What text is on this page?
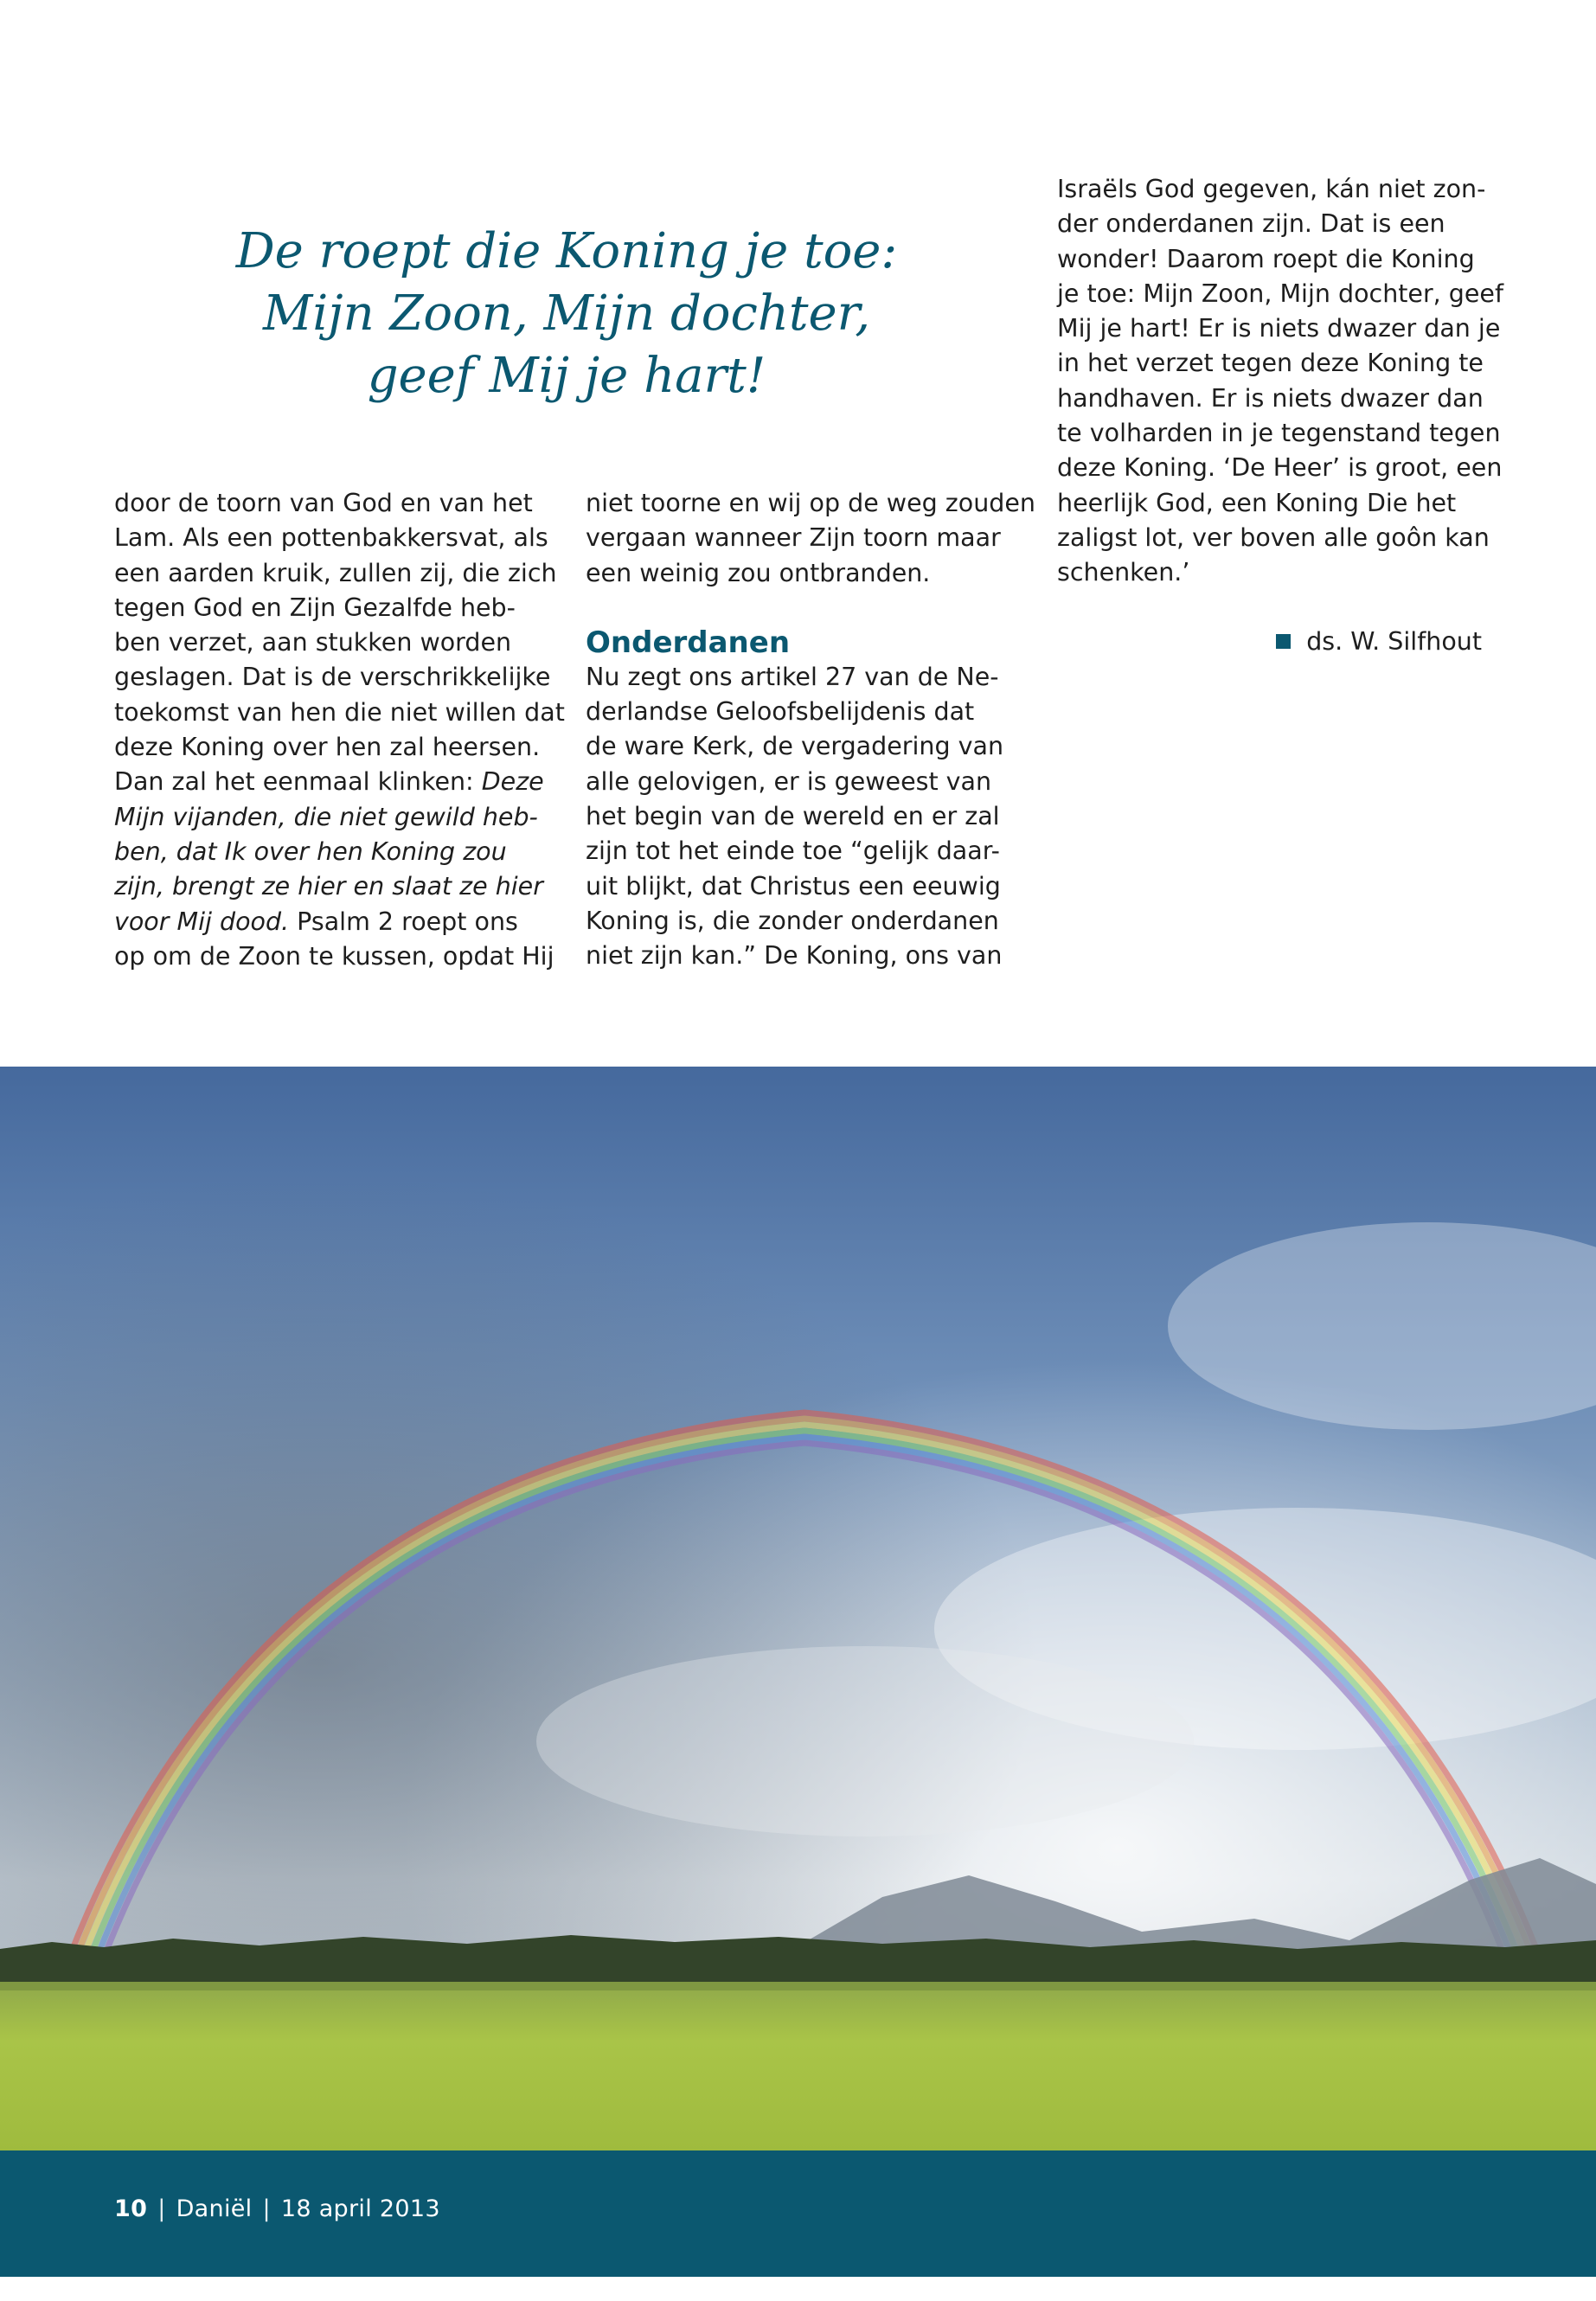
De roept die Koning je toe:
Mijn Zoon, Mijn dochter,
geef Mij je hart!
door de toorn van God en van het
Lam. Als een pottenbakkersvat, als
een aarden kruik, zullen zij, die zich
tegen God en Zijn Gezalfde heb-
ben verzet, aan stukken worden
geslagen. Dat is de verschrikkelijke
toekomst van hen die niet willen dat
deze Koning over hen zal heersen.
Dan zal het eenmaal klinken: Deze
Mijn vijanden, die niet gewild heb-
ben, dat Ik over hen Koning zou
zijn, brengt ze hier en slaat ze hier
voor Mij dood. Psalm 2 roept ons
op om de Zoon te kussen, opdat Hij
niet toorne en wij op de weg zouden
vergaan wanneer Zijn toorn maar
een weinig zou ontbranden.
Onderdanen
Nu zegt ons artikel 27 van de Ne-
derlandse Geloofsbelijdenis dat
de ware Kerk, de vergadering van
alle gelovigen, er is geweest van
het begin van de wereld en er zal
zijn tot het einde toe “gelijk daar-
uit blijkt, dat Christus een eeuwig
Koning is, die zonder onderdanen
niet zijn kan.” De Koning, ons van
Israëls God gegeven, kán niet zon-
der onderdanen zijn. Dat is een
wonder! Daarom roept die Koning
je toe: Mijn Zoon, Mijn dochter, geef
Mij je hart! Er is niets dwazer dan je
in het verzet tegen deze Koning te
handhaven. Er is niets dwazer dan
te volharden in je tegenstand tegen
deze Koning. ‘De Heer’ is groot, een
heerlijk God, een Koning Die het
zaligst lot, ver boven alle goôn kan
schenken.’
ds. W. Silfhout
10 | Daniël | 18 april 2013
